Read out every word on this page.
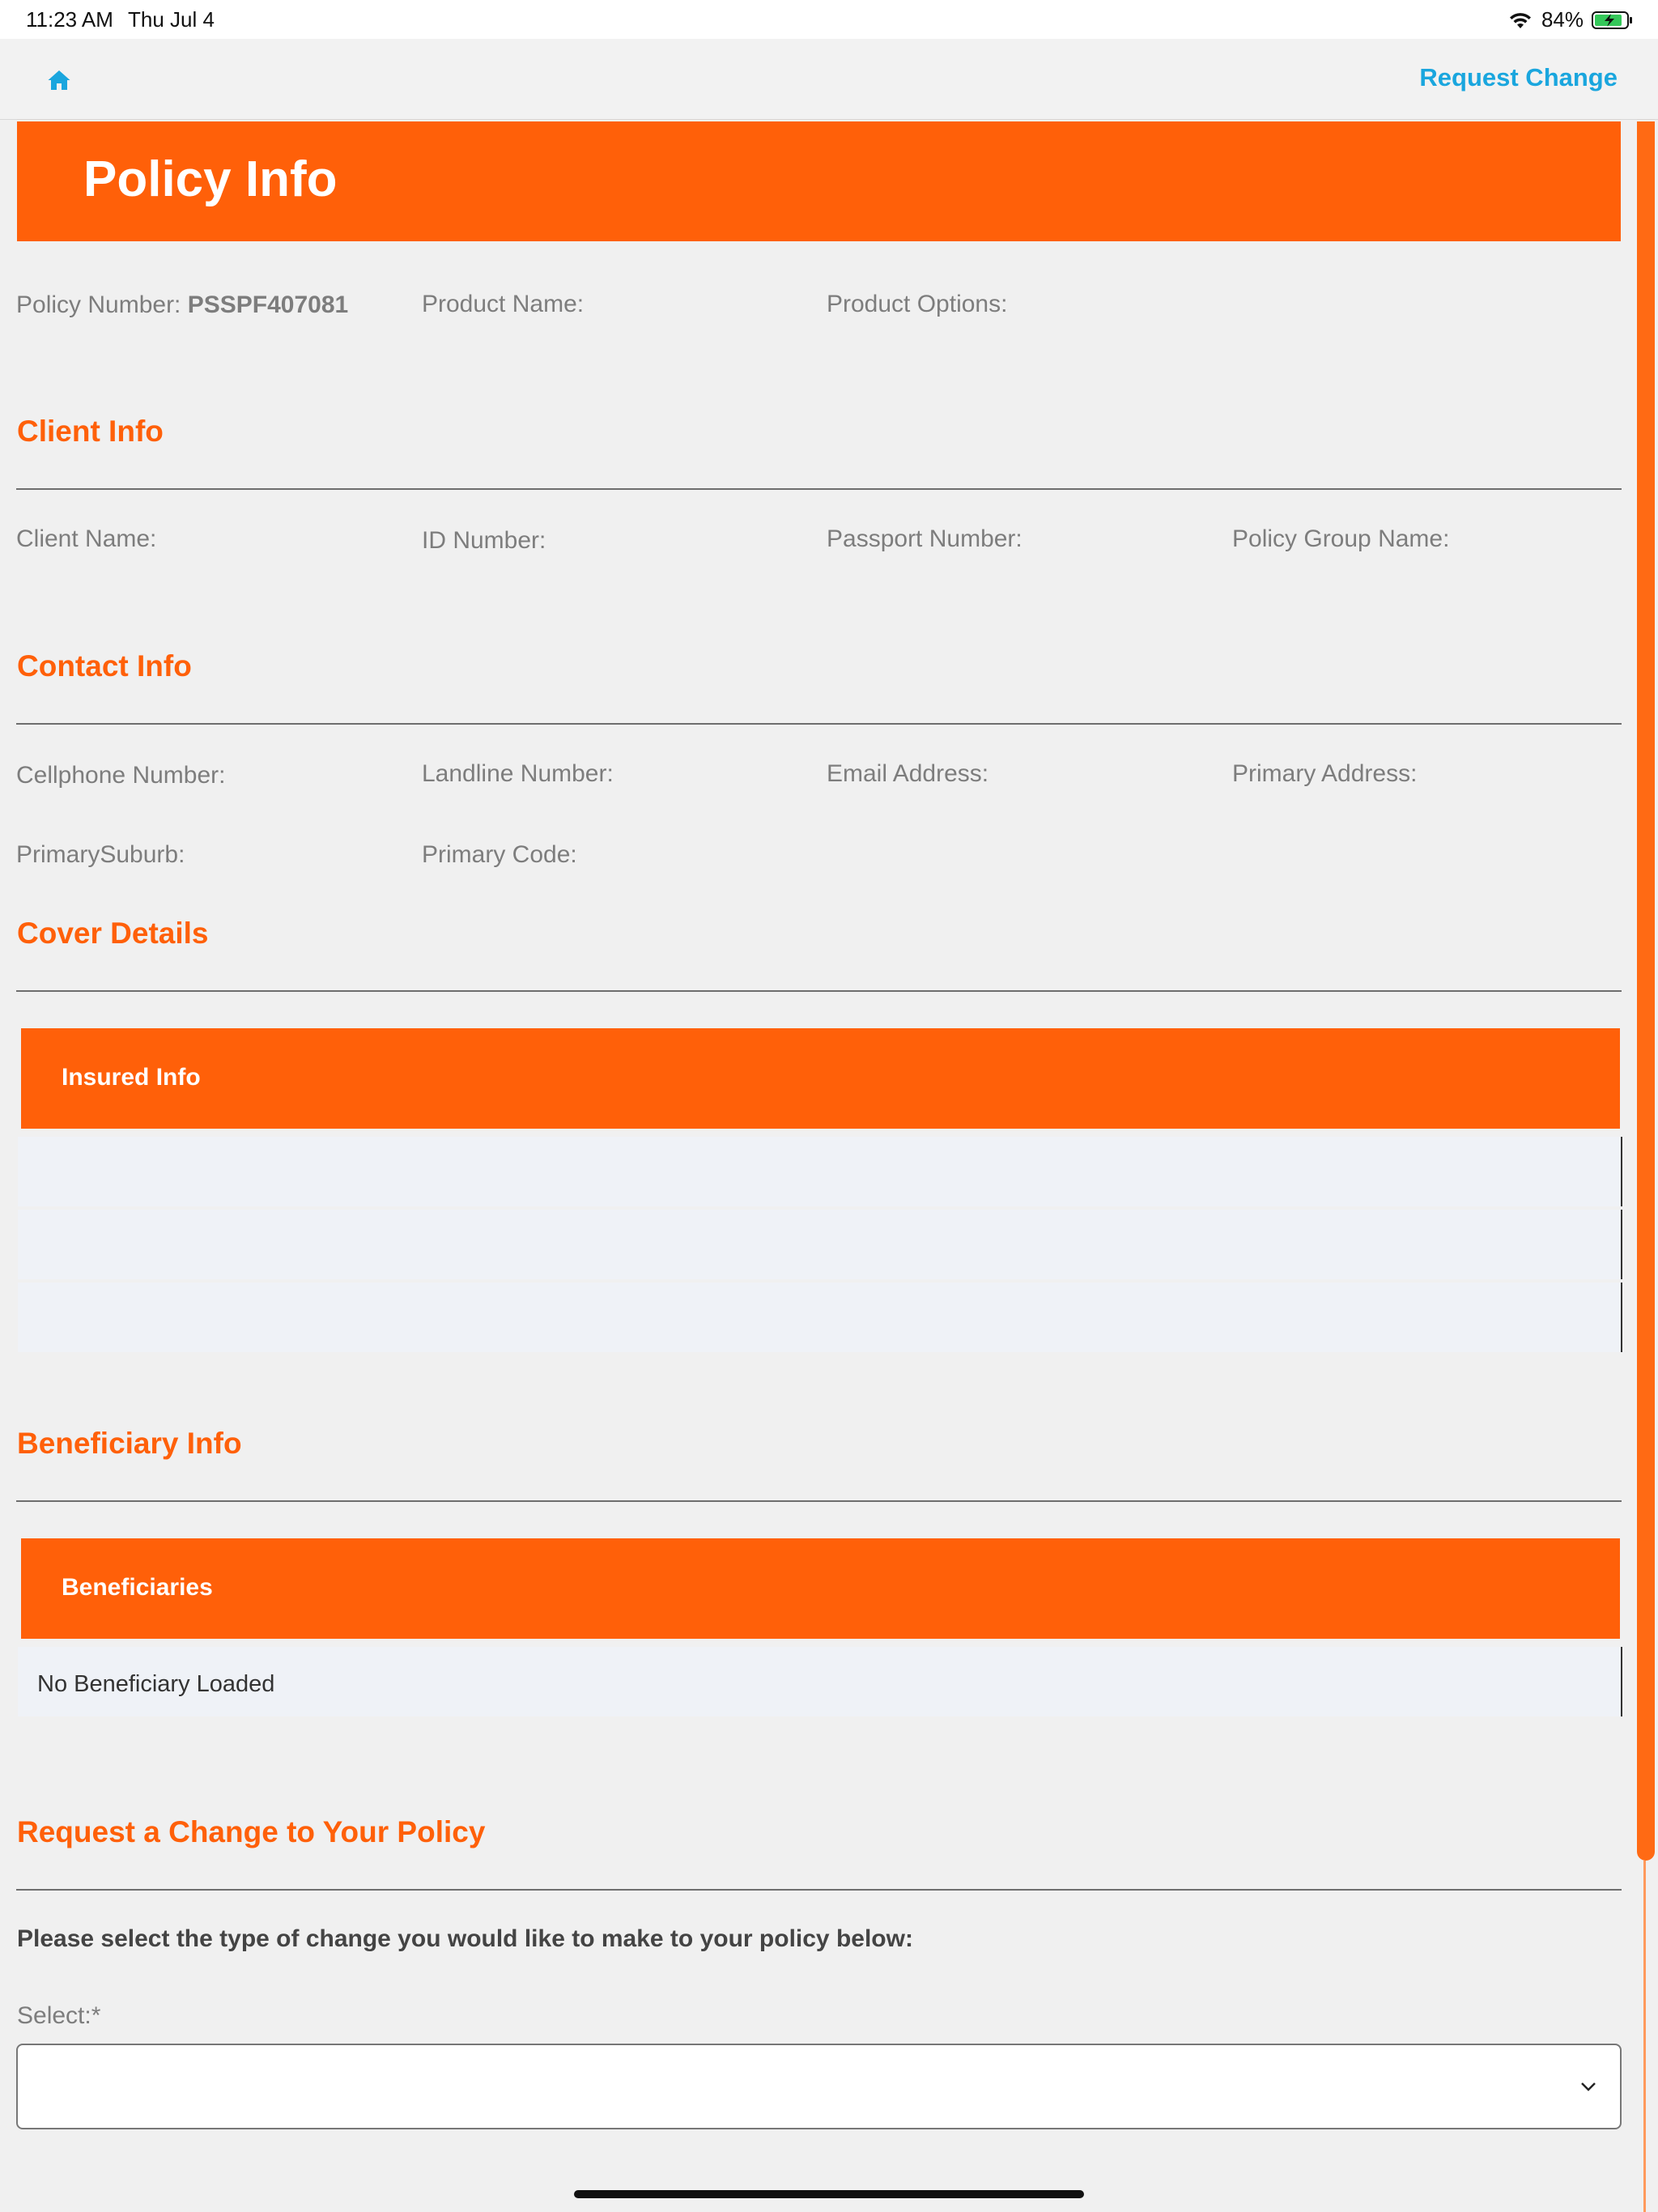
11:23 AM Thu Jul 4	84%
Request Change
Policy Info
Policy Number: PSSPF407081	Product Name:	Product Options:
Client Info
Client Name:	ID Number:	Passport Number:	Policy Group Name:
Contact Info
Cellphone Number:	Landline Number:	Email Address:	Primary Address:
PrimarySuburb:	Primary Code:
Cover Details
Insured Info
Beneficiary Info
Beneficiaries
No Beneficiary Loaded
Request a Change to Your Policy
Please select the type of change you would like to make to your policy below:
Select:*
